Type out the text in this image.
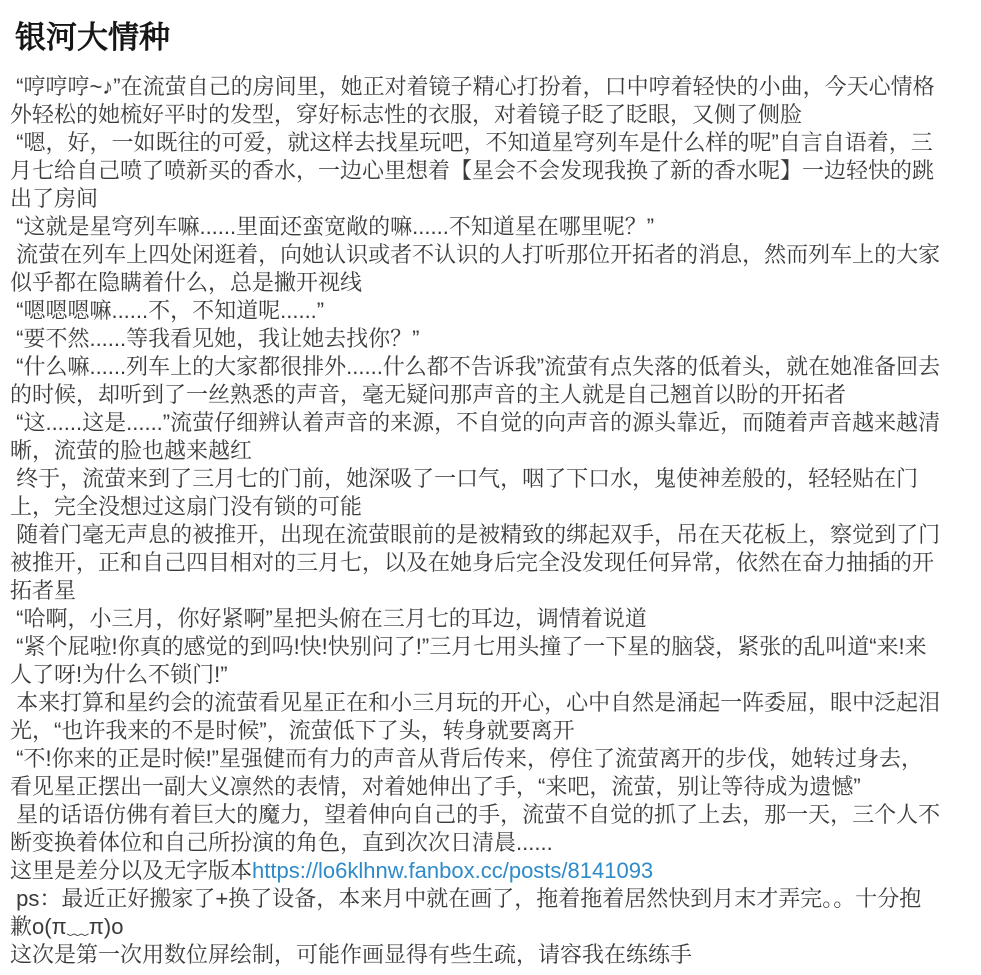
银河大情种

“哼哼哼~♪”在流萤自己的房间里，她正对着镜子精心打扮着，口中哼着轻快的小曲，今天心情格外轻松的她梳好平时的发型，穿好标志性的衣服，对着镜子眨了眨眼，又侧了侧脸

“嗯，好，一如既往的可爱，就这样去找星玩吧，不知道星穹列车是什么样的呢”自言自语着，三月七给自己喷了喷新买的香水，一边心里想着【星会不会发现我换了新的香水呢】一边轻快的跳出了房间

“这就是星穹列车嘛......里面还蛮宽敞的嘛......不知道星在哪里呢？”

流萤在列车上四处闲逛着，向她认识或者不认识的人打听那位开拓者的消息，然而列车上的大家似乎都在隐瞒着什么，总是撇开视线

“嗯嗯嗯嘛......不，不知道呢......”

“要不然......等我看见她，我让她去找你？”

“什么嘛......列车上的大家都很排外......什么都不告诉我”流萤有点失落的低着头，就在她准备回去的时候，却听到了一丝熟悉的声音，毫无疑问那声音的主人就是自己翘首以盼的开拓者

“这......这是......”流萤仔细辨认着声音的来源，不自觉的向声音的源头靠近，而随着声音越来越清晰，流萤的脸也越来越红

终于，流萤来到了三月七的门前，她深吸了一口气，咽了下口水，鬼使神差般的，轻轻贴在门上，完全没想过这扇门没有锁的可能

随着门毫无声息的被推开，出现在流萤眼前的是被精致的绑起双手，吊在天花板上，察觉到了门被推开，正和自己四目相对的三月七，以及在她身后完全没发现任何异常，依然在奋力抽插的开拓者星

“哈啊，小三月，你好紧啊”星把头俯在三月七的耳边，调情着说道

“紧个屁啦!你真的感觉的到吗!快!快别问了!”三月七用头撞了一下星的脑袋，紧张的乱叫道“来!来人了呀!为什么不锁门!”

本来打算和星约会的流萤看见星正在和小三月玩的开心，心中自然是涌起一阵委屈，眼中泛起泪光，“也许我来的不是时候”，流萤低下了头，转身就要离开

“不!你来的正是时候!”星强健而有力的声音从背后传来，停住了流萤离开的步伐，她转过身去，看见星正摆出一副大义凛然的表情，对着她伸出了手，“来吧，流萤，别让等待成为遗憾”

星的话语仿佛有着巨大的魔力，望着伸向自己的手，流萤不自觉的抓了上去，那一天，三个人不断变换着体位和自己所扮演的角色，直到次次日清晨......

这里是差分以及无字版本https://lo6klhnw.fanbox.cc/posts/8141093

ps：最近正好搬家了+换了设备，本来月中就在画了，拖着拖着居然快到月末才弄完。。十分抱歉o(π﹏π)o

这次是第一次用数位屏绘制，可能作画显得有些生疏，请容我在练练手
